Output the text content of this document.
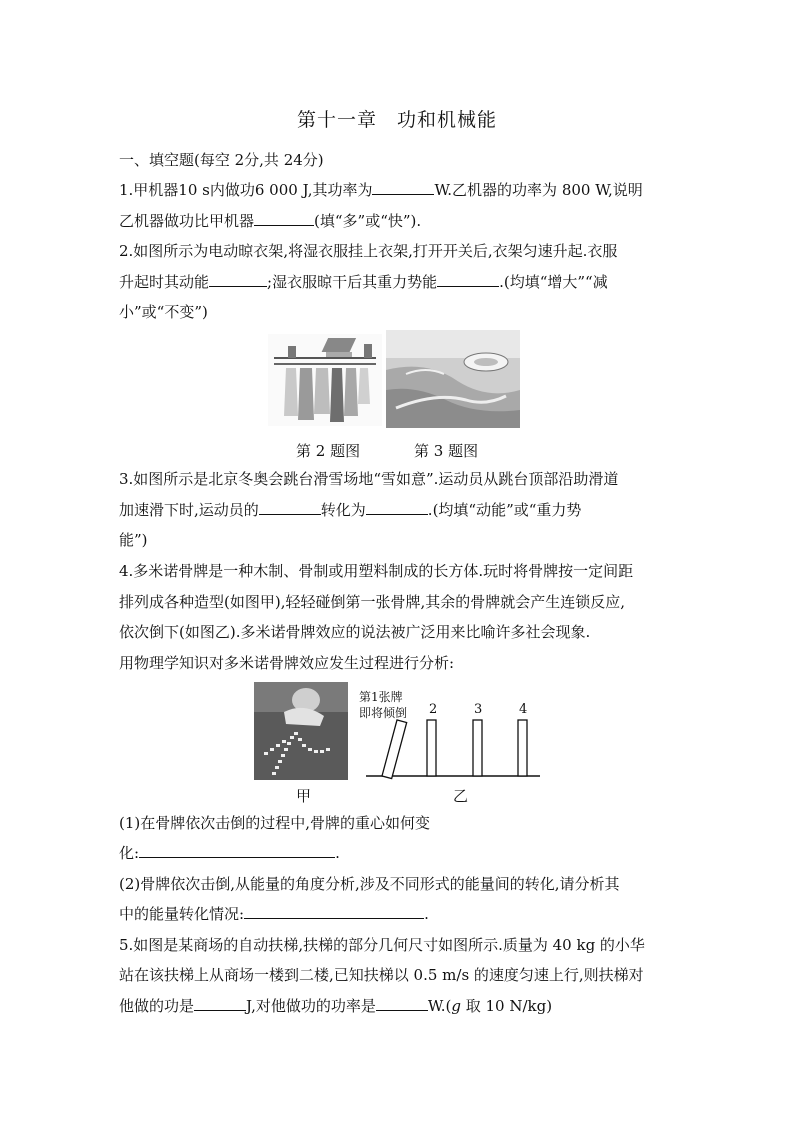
第十一章　功和机械能
一、填空题(每空 2分,共 24分)
1.甲机器10 s内做功6 000 J,其功率为	W.乙机器的功率为 800 W,说明
乙机器做功比甲机器	(填“多”或“快”).
2.如图所示为电动晾衣架,将湿衣服挂上衣架,打开开关后,衣架匀速升起.衣服
升起时其动能	;湿衣服晾干后其重力势能	.(均填“增大”“减
小”或“不变”)
第 2 题图	第 3 题图
3.如图所示是北京冬奥会跳台滑雪场地“雪如意”.运动员从跳台顶部沿助滑道
加速滑下时,运动员的	转化为	.(均填“动能”或“重力势
能”)
4.多米诺骨牌是一种木制、骨制或用塑料制成的长方体.玩时将骨牌按一定间距
排列成各种造型(如图甲),轻轻碰倒第一张骨牌,其余的骨牌就会产生连锁反应,
依次倒下(如图乙).多米诺骨牌效应的说法被广泛用来比喻许多社会现象.
用物理学知识对多米诺骨牌效应发生过程进行分析:
第1张牌
即将倾倒 2	3	4
甲	乙
(1)在骨牌依次击倒的过程中,骨牌的重心如何变
化:	.
(2)骨牌依次击倒,从能量的角度分析,涉及不同形式的能量间的转化,请分析其
中的能量转化情况:	.
5.如图是某商场的自动扶梯,扶梯的部分几何尺寸如图所示.质量为 40 kg 的小华
站在该扶梯上从商场一楼到二楼,已知扶梯以 0.5 m/s 的速度匀速上行,则扶梯对
他做的功是	J,对他做功的功率是	W.(g 取 10 N/kg)
